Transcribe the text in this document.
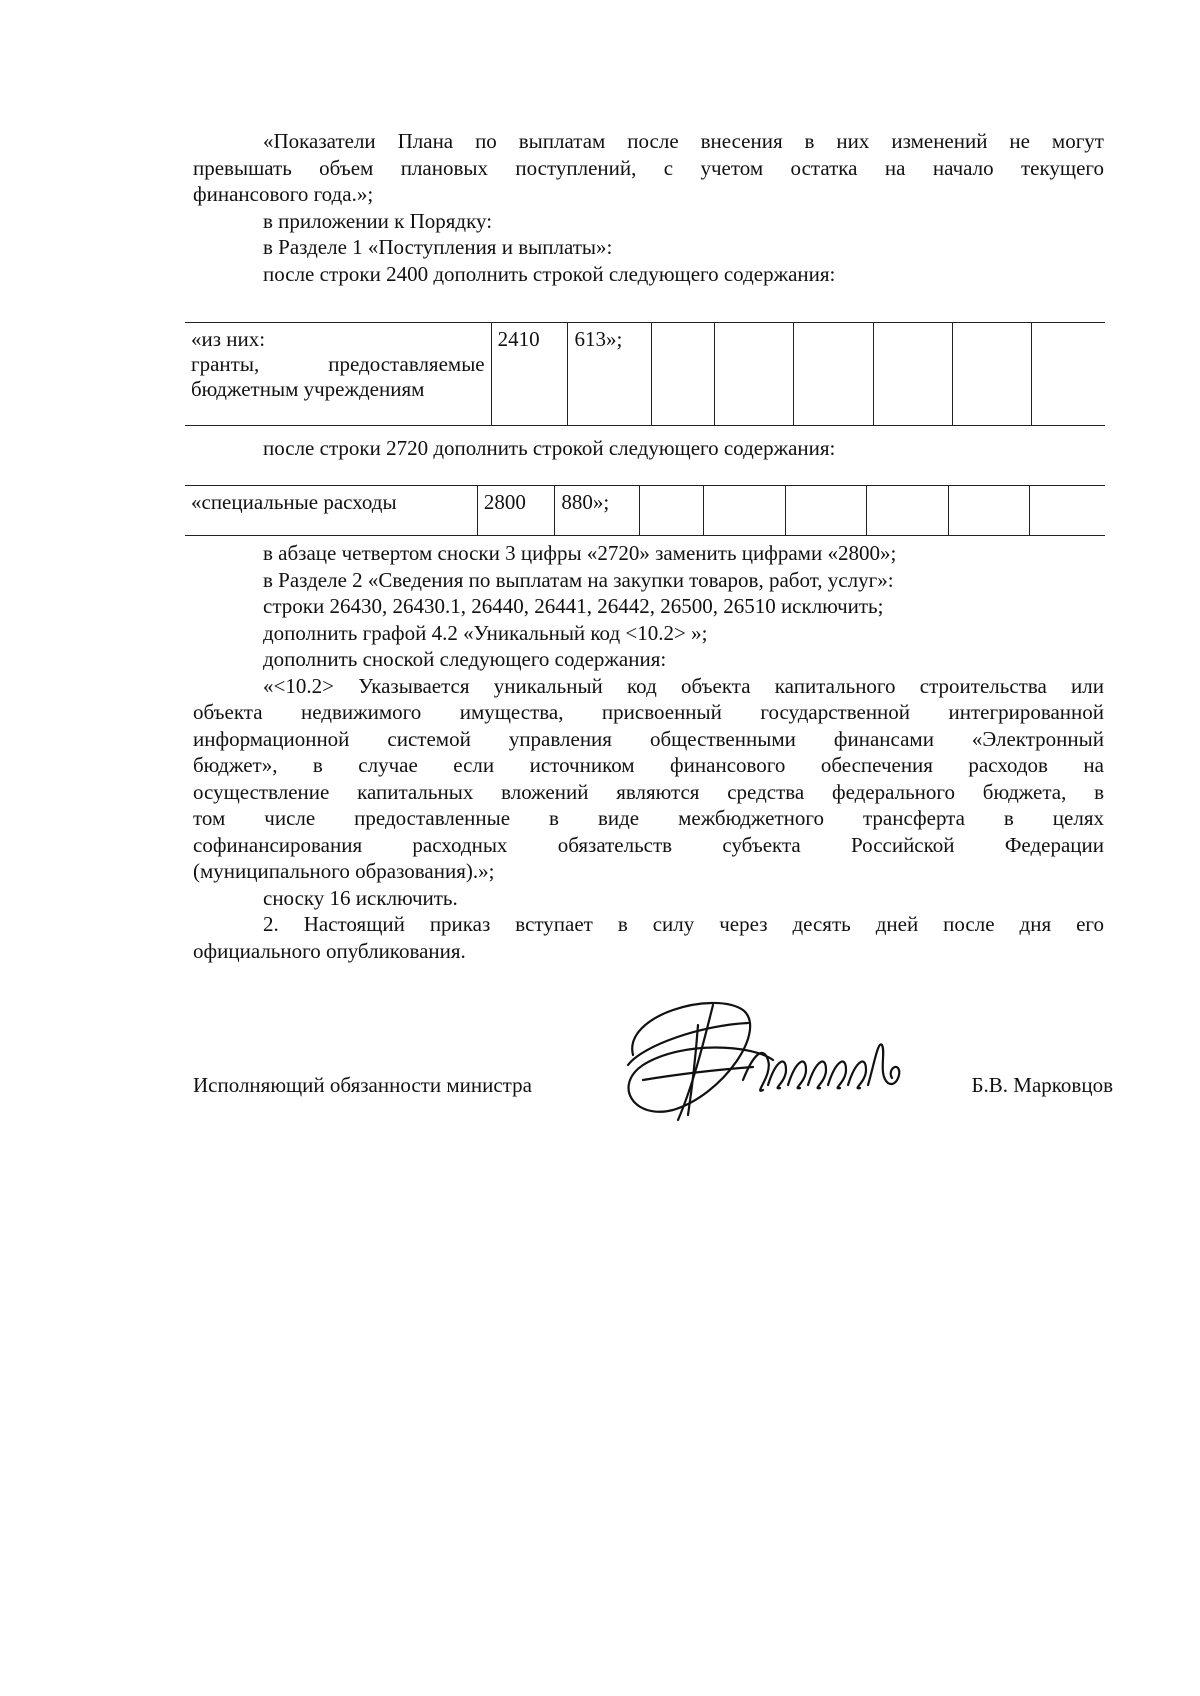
«Показатели Плана по выплатам после внесения в них изменений не могут

превышать объем плановых поступлений, с учетом остатка на начало текущего

финансового года.»;

в приложении к Порядку:

в Разделе 1 «Поступления и выплаты»:

после строки 2400 дополнить строкой следующего содержания:

«из них:
гранты,	предоставляемые
бюджетным учреждениям
	2410	613»;						

после строки 2720 дополнить строкой следующего содержания:

«специальные расходы	2800	880»;						

в абзаце четвертом сноски 3 цифры «2720» заменить цифрами «2800»;

в Разделе 2 «Сведения по выплатам на закупки товаров, работ, услуг»:

строки 26430, 26430.1, 26440, 26441, 26442, 26500, 26510 исключить;

дополнить графой 4.2 «Уникальный код <10.2> »;

дополнить сноской следующего содержания:

«<10.2> Указывается уникальный код объекта капитального строительства или

объекта недвижимого имущества, присвоенный государственной интегрированной

информационной системой управления общественными финансами «Электронный

бюджет», в случае если источником финансового обеспечения расходов на

осуществление капитальных вложений являются средства федерального бюджета, в

том числе предоставленные в виде межбюджетного трансферта в целях

софинансирования расходных обязательств субъекта Российской Федерации

(муниципального образования).»;

сноску 16 исключить.

2. Настоящий приказ вступает в силу через десять дней после дня его

официального опубликования.

Исполняющий обязанности министра	Б.В. Марковцов
